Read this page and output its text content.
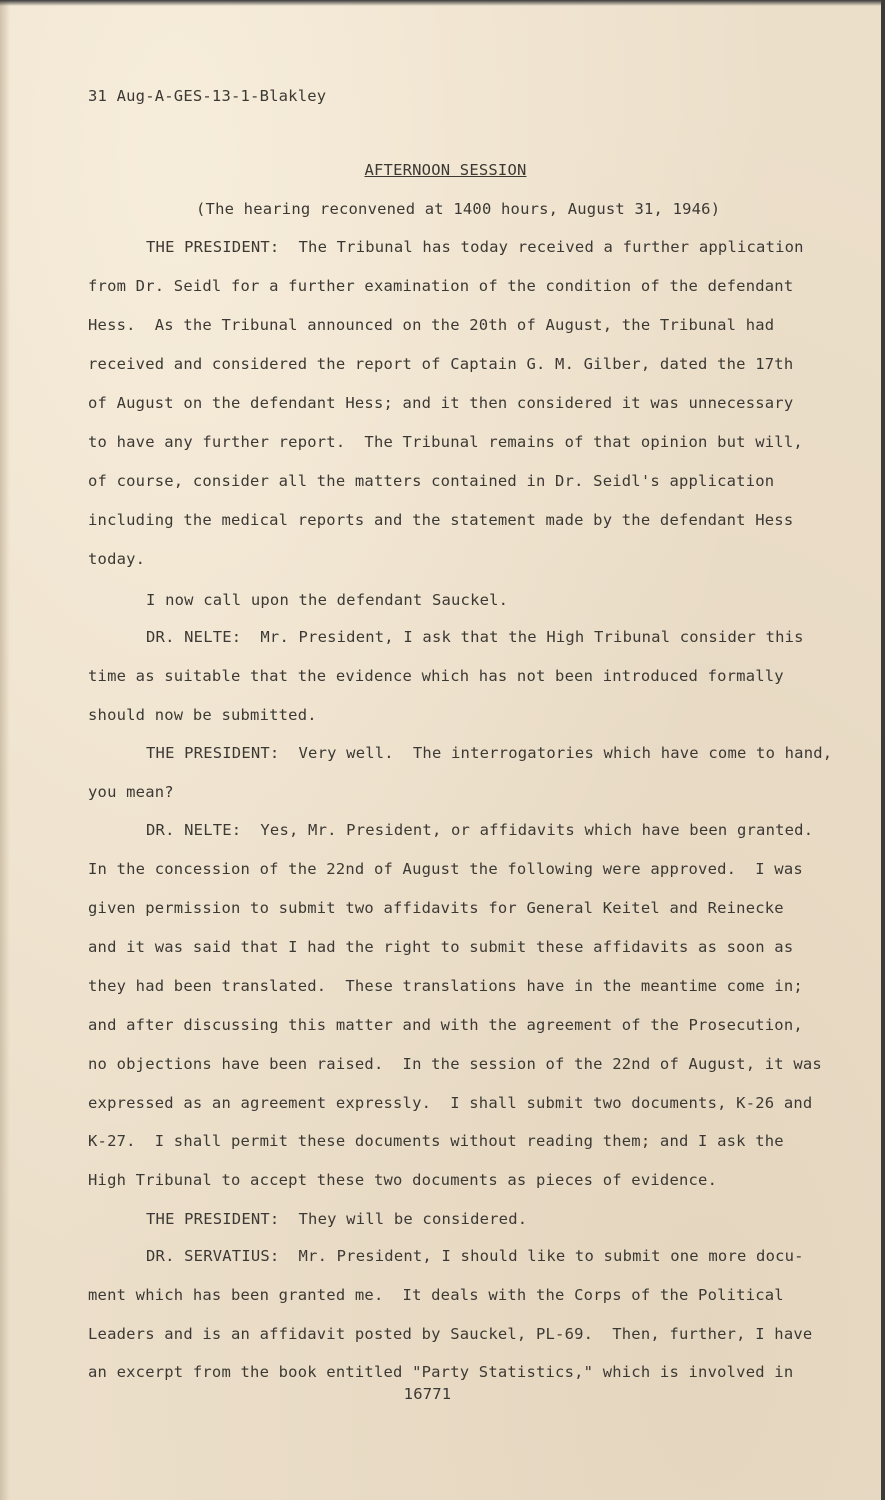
31 Aug-A-GES-13-1-Blakley
AFTERNOON SESSION
(The hearing reconvened at 1400 hours, August 31, 1946)
THE PRESIDENT:  The Tribunal has today received a further application
from Dr. Seidl for a further examination of the condition of the defendant
Hess.  As the Tribunal announced on the 20th of August, the Tribunal had
received and considered the report of Captain G. M. Gilber, dated the 17th
of August on the defendant Hess; and it then considered it was unnecessary
to have any further report.  The Tribunal remains of that opinion but will,
of course, consider all the matters contained in Dr. Seidl's application
including the medical reports and the statement made by the defendant Hess
today.
I now call upon the defendant Sauckel.
DR. NELTE:  Mr. President, I ask that the High Tribunal consider this
time as suitable that the evidence which has not been introduced formally
should now be submitted.
THE PRESIDENT:  Very well.  The interrogatories which have come to hand,
you mean?
DR. NELTE:  Yes, Mr. President, or affidavits which have been granted.
In the concession of the 22nd of August the following were approved.  I was
given permission to submit two affidavits for General Keitel and Reinecke
and it was said that I had the right to submit these affidavits as soon as
they had been translated.  These translations have in the meantime come in;
and after discussing this matter and with the agreement of the Prosecution,
no objections have been raised.  In the session of the 22nd of August, it was
expressed as an agreement expressly.  I shall submit two documents, K-26 and
K-27.  I shall permit these documents without reading them; and I ask the
High Tribunal to accept these two documents as pieces of evidence.
THE PRESIDENT:  They will be considered.
DR. SERVATIUS:  Mr. President, I should like to submit one more docu-
ment which has been granted me.  It deals with the Corps of the Political
Leaders and is an affidavit posted by Sauckel, PL-69.  Then, further, I have
an excerpt from the book entitled "Party Statistics," which is involved in
16771
